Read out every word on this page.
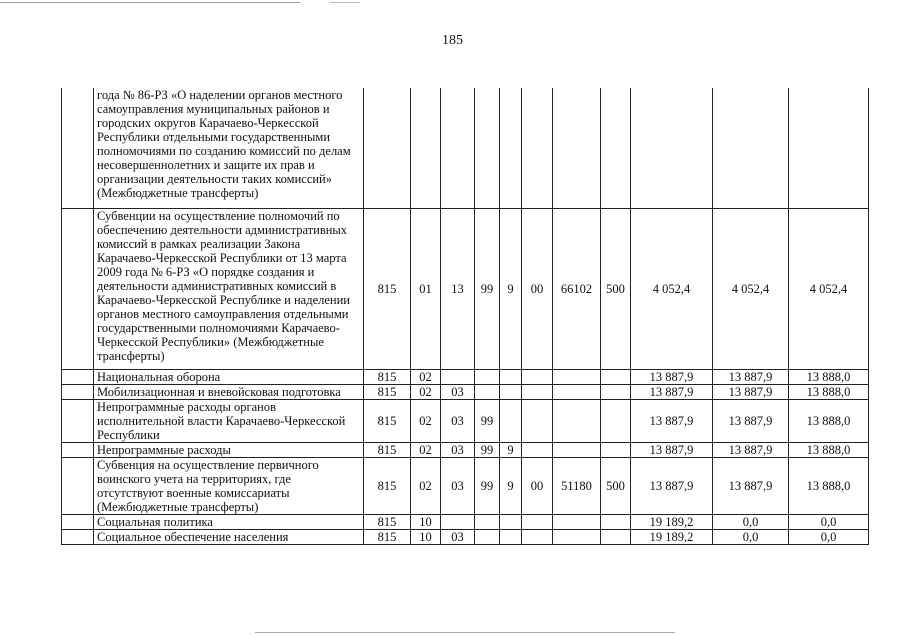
185
	года № 86-РЗ «О наделении органов местного самоуправления муниципальных районов и городских округов Карачаево-Черкесской Республики отдельными государственными полномочиями по созданию комиссий по делам несовершеннолетних и защите их прав и организации деятельности таких комиссий» (Межбюджетные трансферты)											
	Субвенции на осуществление полномочий по обеспечению деятельности административных комиссий в рамках реализации Закона Карачаево-Черкесской Республики от 13 марта 2009 года № 6-РЗ «О порядке создания и деятельности административных комиссий в Карачаево-Черкесской Республике и наделении органов местного самоуправления отдельными государственными полномочиями Карачаево-Черкесской Республики» (Межбюджетные трансферты)	815	01	13	99	9	00	66102	500	4 052,4	4 052,4	4 052,4
	Национальная оборона	815	02							13 887,9	13 887,9	13 888,0
	Мобилизационная и вневойсковая подготовка	815	02	03						13 887,9	13 887,9	13 888,0
	Непрограммные расходы органов исполнительной власти Карачаево-Черкесской Республики	815	02	03	99					13 887,9	13 887,9	13 888,0
	Непрограммные расходы	815	02	03	99	9				13 887,9	13 887,9	13 888,0
	Субвенция на осуществление первичного воинского учета на территориях, где отсутствуют военные комиссариаты (Межбюджетные трансферты)	815	02	03	99	9	00	51180	500	13 887,9	13 887,9	13 888,0
	Социальная политика	815	10							19 189,2	0,0	0,0
	Социальное обеспечение населения	815	10	03						19 189,2	0,0	0,0
